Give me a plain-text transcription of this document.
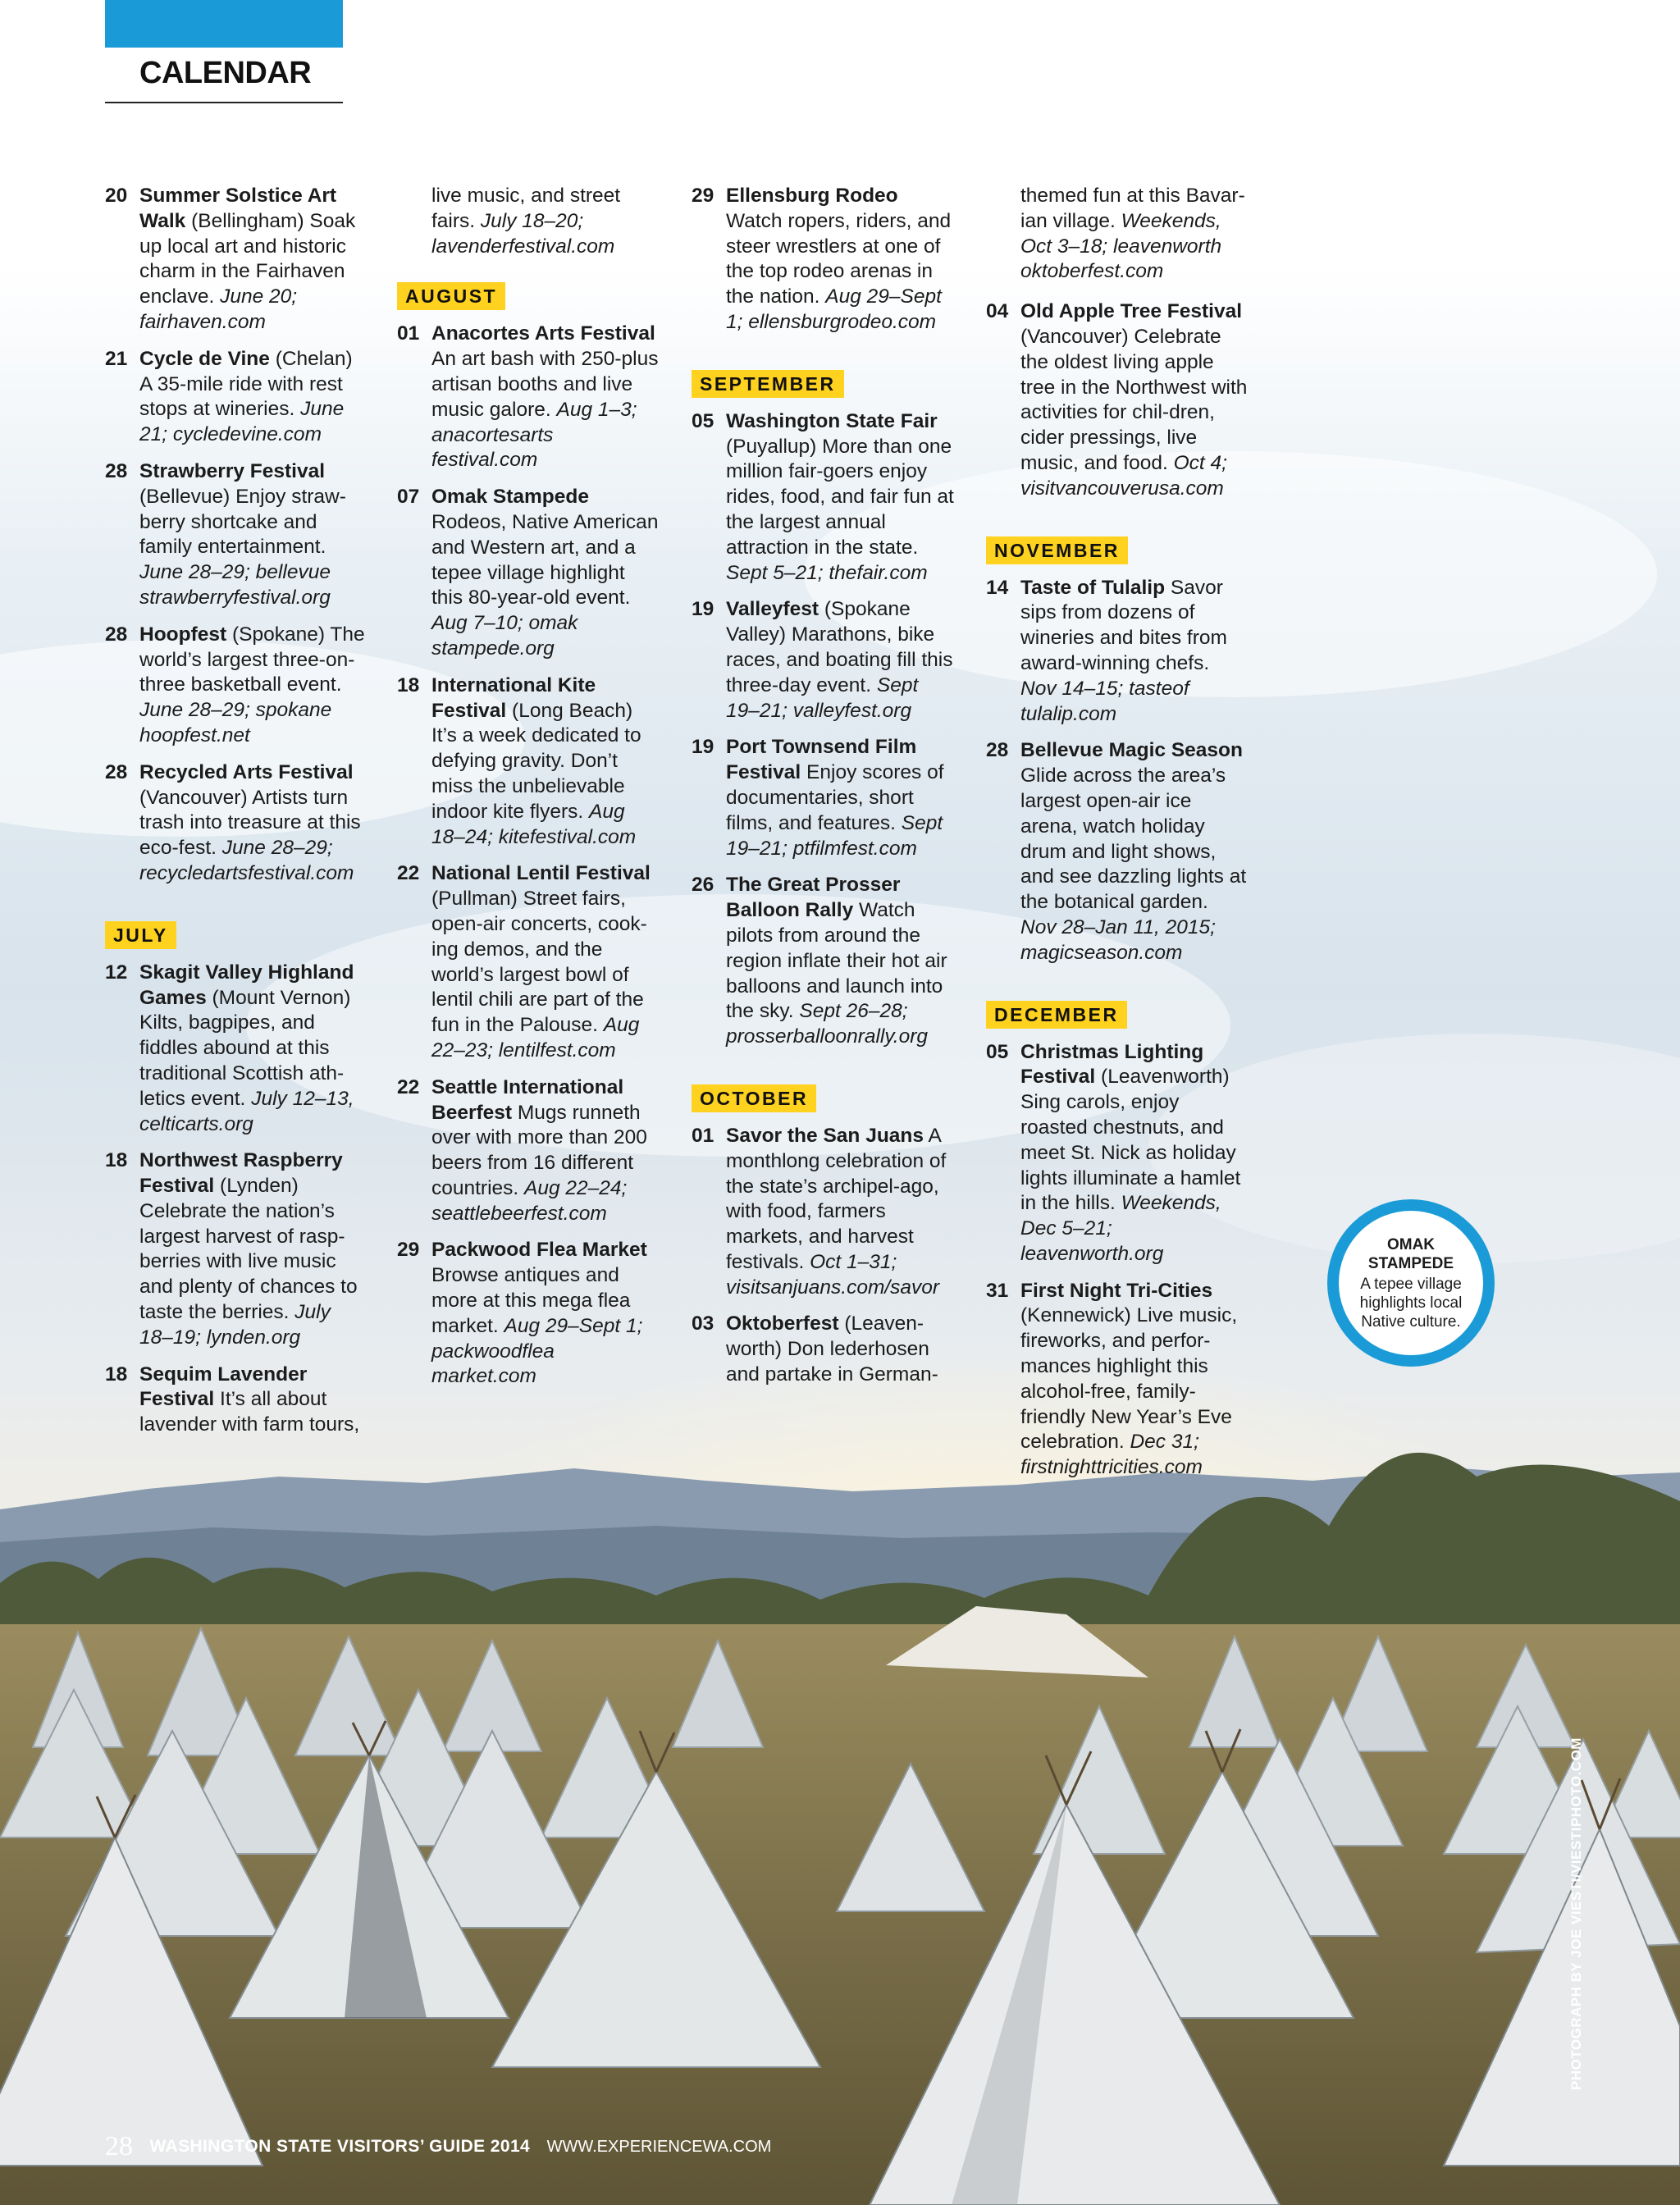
CALENDAR
20 Summer Solstice Art Walk (Bellingham) Soak up local art and historic charm in the Fairhaven enclave. June 20; fairhaven.com
21 Cycle de Vine (Chelan) A 35-mile ride with rest stops at wineries. June 21; cycledevine.com
28 Strawberry Festival (Bellevue) Enjoy straw-berry shortcake and family entertainment. June 28–29; bellevue strawberryfestival.org
28 Hoopfest (Spokane) The world’s largest three-on-three basketball event. June 28–29; spokane hoopfest.net
28 Recycled Arts Festival (Vancouver) Artists turn trash into treasure at this eco-fest. June 28–29; recycledartsfestival.com
JULY
12 Skagit Valley Highland Games (Mount Vernon) Kilts, bagpipes, and fiddles abound at this traditional Scottish ath-letics event. July 12–13, celticarts.org
18 Northwest Raspberry Festival (Lynden) Celebrate the nation’s largest harvest of rasp-berries with live music and plenty of chances to taste the berries. July 18–19; lynden.org
18 Sequim Lavender Festival It’s all about lavender with farm tours,
live music, and street fairs. July 18–20; lavenderfestival.com
AUGUST
01 Anacortes Arts Festival An art bash with 250-plus artisan booths and live music galore. Aug 1–3; anacortesarts festival.com
07 Omak Stampede Rodeos, Native American and Western art, and a tepee village highlight this 80-year-old event. Aug 7–10; omak stampede.org
18 International Kite Festival (Long Beach) It’s a week dedicated to defying gravity. Don’t miss the unbelievable indoor kite flyers. Aug 18–24; kitefestival.com
22 National Lentil Festival (Pullman) Street fairs, open-air concerts, cook-ing demos, and the world’s largest bowl of lentil chili are part of the fun in the Palouse. Aug 22–23; lentilfest.com
22 Seattle International Beerfest Mugs runneth over with more than 200 beers from 16 different countries. Aug 22–24; seattlebeerfest.com
29 Packwood Flea Market Browse antiques and more at this mega flea market. Aug 29–Sept 1; packwoodflea market.com
29 Ellensburg Rodeo Watch ropers, riders, and steer wrestlers at one of the top rodeo arenas in the nation. Aug 29–Sept 1; ellensburgrodeo.com
SEPTEMBER
05 Washington State Fair (Puyallup) More than one million fair-goers enjoy rides, food, and fair fun at the largest annual attraction in the state. Sept 5–21; thefair.com
19 Valleyfest (Spokane Valley) Marathons, bike races, and boating fill this three-day event. Sept 19–21; valleyfest.org
19 Port Townsend Film Festival Enjoy scores of documentaries, short films, and features. Sept 19–21; ptfilmfest.com
26 The Great Prosser Balloon Rally Watch pilots from around the region inflate their hot air balloons and launch into the sky. Sept 26–28; prosserballoonrally.org
OCTOBER
01 Savor the San Juans A monthlong celebration of the state’s archipel-ago, with food, farmers markets, and harvest festivals. Oct 1–31; visitsanjuans.com/savor
03 Oktoberfest (Leaven-worth) Don lederhosen and partake in German-
themed fun at this Bavar-ian village. Weekends, Oct 3–18; leavenworth oktoberfest.com
04 Old Apple Tree Festival (Vancouver) Celebrate the oldest living apple tree in the Northwest with activities for chil-dren, cider pressings, live music, and food. Oct 4; visitvancouverusa.com
NOVEMBER
14 Taste of Tulalip Savor sips from dozens of wineries and bites from award-winning chefs. Nov 14–15; tasteof tulalip.com
28 Bellevue Magic Season Glide across the area’s largest open-air ice arena, watch holiday drum and light shows, and see dazzling lights at the botanical garden. Nov 28–Jan 11, 2015; magicseason.com
DECEMBER
05 Christmas Lighting Festival (Leavenworth) Sing carols, enjoy roasted chestnuts, and meet St. Nick as holiday lights illuminate a hamlet in the hills. Weekends, Dec 5–21; leavenworth.org
31 First Night Tri-Cities (Kennewick) Live music, fireworks, and perfor-mances highlight this alcohol-free, family-friendly New Year’s Eve celebration. Dec 31; firstnighttricities.com
OMAK STAMPEDE
A tepee village highlights local Native culture.
PHOTOGRAPH BY JOE VIESTI/VIESTIPHOTO.COM
28 WASHINGTON STATE VISITORS’ GUIDE 2014 WWW.EXPERIENCEWA.COM
